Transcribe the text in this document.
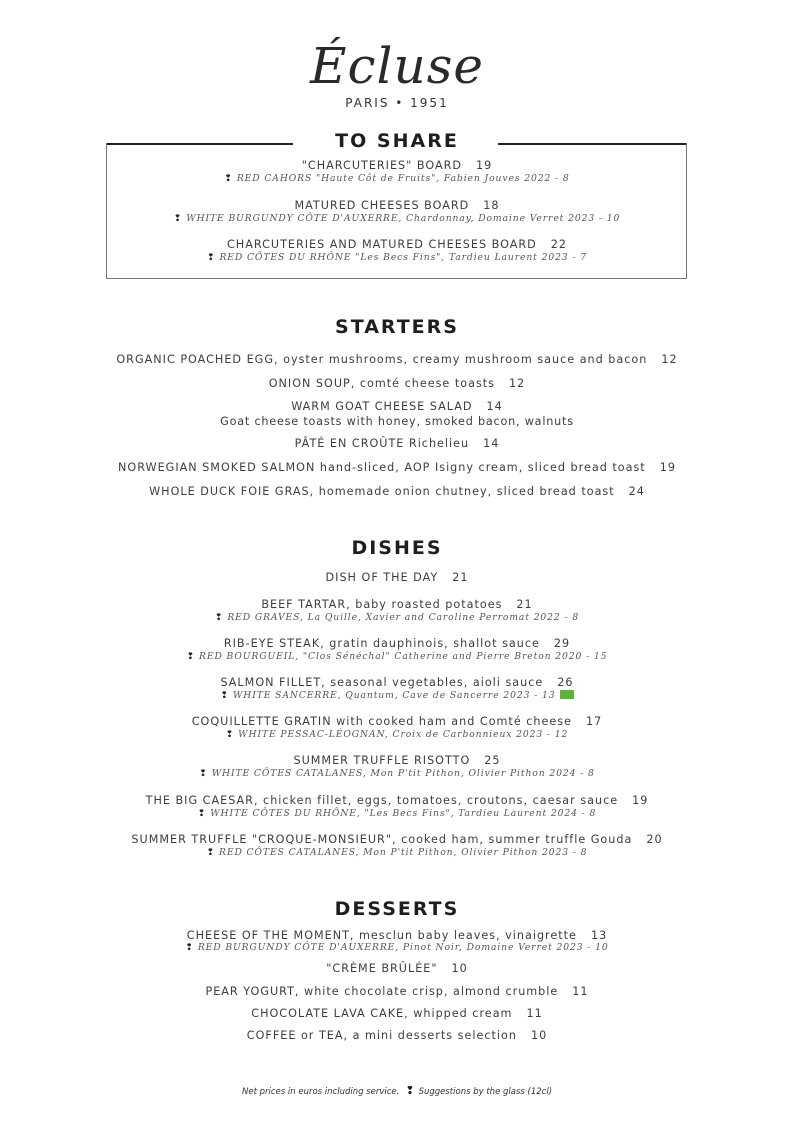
Écluse
PARIS • 1951
TO SHARE
"CHARCUTERIES" BOARD 19
❢ RED CAHORS "Haute Côt de Fruits", Fabien Jouves 2022 - 8
MATURED CHEESES BOARD 18
❢ WHITE BURGUNDY CÔTE D'AUXERRE, Chardonnay, Domaine Verret 2023 - 10
CHARCUTERIES AND MATURED CHEESES BOARD 22
❢ RED CÔTES DU RHÔNE "Les Becs Fins", Tardieu Laurent 2023 - 7
STARTERS
ORGANIC POACHED EGG, oyster mushrooms, creamy mushroom sauce and bacon 12
ONION SOUP, comté cheese toasts 12
WARM GOAT CHEESE SALAD 14
Goat cheese toasts with honey, smoked bacon, walnuts
PÂTÉ EN CROÛTE Richelieu 14
NORWEGIAN SMOKED SALMON hand-sliced, AOP Isigny cream, sliced bread toast 19
WHOLE DUCK FOIE GRAS, homemade onion chutney, sliced bread toast 24
DISHES
DISH OF THE DAY 21
BEEF TARTAR, baby roasted potatoes 21
❢ RED GRAVES, La Quille, Xavier and Caroline Perromat 2022 - 8
RIB-EYE STEAK, gratin dauphinois, shallot sauce 29
❢ RED BOURGUEIL, "Clos Sénéchal" Catherine and Pierre Breton 2020 - 15
SALMON FILLET, seasonal vegetables, aioli sauce 26
❢ WHITE SANCERRE, Quantum, Cave de Sancerre 2023 - 13
COQUILLETTE GRATIN with cooked ham and Comté cheese 17
❢ WHITE PESSAC-LÉOGNAN, Croix de Carbonnieux 2023 - 12
SUMMER TRUFFLE RISOTTO 25
❢ WHITE CÔTES CATALANES, Mon P'tit Pithon, Olivier Pithon 2024 - 8
THE BIG CAESAR, chicken fillet, eggs, tomatoes, croutons, caesar sauce 19
❢ WHITE CÔTES DU RHÔNE, "Les Becs Fins", Tardieu Laurent 2024 - 8
SUMMER TRUFFLE "CROQUE-MONSIEUR", cooked ham, summer truffle Gouda 20
❢ RED CÔTES CATALANES, Mon P'tit Pithon, Olivier Pithon 2023 - 8
DESSERTS
CHEESE OF THE MOMENT, mesclun baby leaves, vinaigrette 13
❢ RED BURGUNDY CÔTE D'AUXERRE, Pinot Noir, Domaine Verret 2023 - 10
"CRÈME BRÛLÉE" 10
PEAR YOGURT, white chocolate crisp, almond crumble 11
CHOCOLATE LAVA CAKE, whipped cream 11
COFFEE or TEA, a mini desserts selection 10
Net prices in euros including service. ❢ Suggestions by the glass (12cl)
